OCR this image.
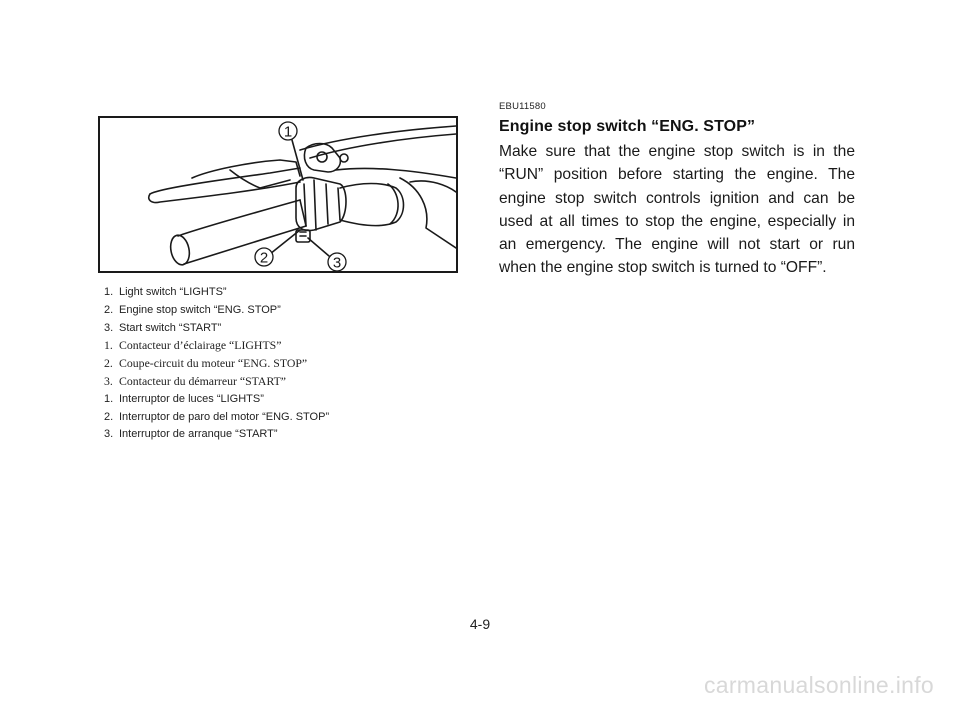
1
2	3
1. Light switch “LIGHTS”
2. Engine stop switch “ENG. STOP”
3. Start switch “START”
1. Contacteur d’éclairage “LIGHTS”
2. Coupe-circuit du moteur “ENG. STOP”
3. Contacteur du démarreur “START”
1. Interruptor de luces “LIGHTS”
2. Interruptor de paro del motor “ENG. STOP”
3. Interruptor de arranque “START”
EBU11580
Engine stop switch “ENG. STOP”
Make sure that the engine stop switch is in the “RUN” position before starting the engine. The engine stop switch controls ignition and can be used at all times to stop the engine, especially in an emergency. The engine will not start or run when the engine stop switch is turned to “OFF”.
4-9
carmanualsonline.info
